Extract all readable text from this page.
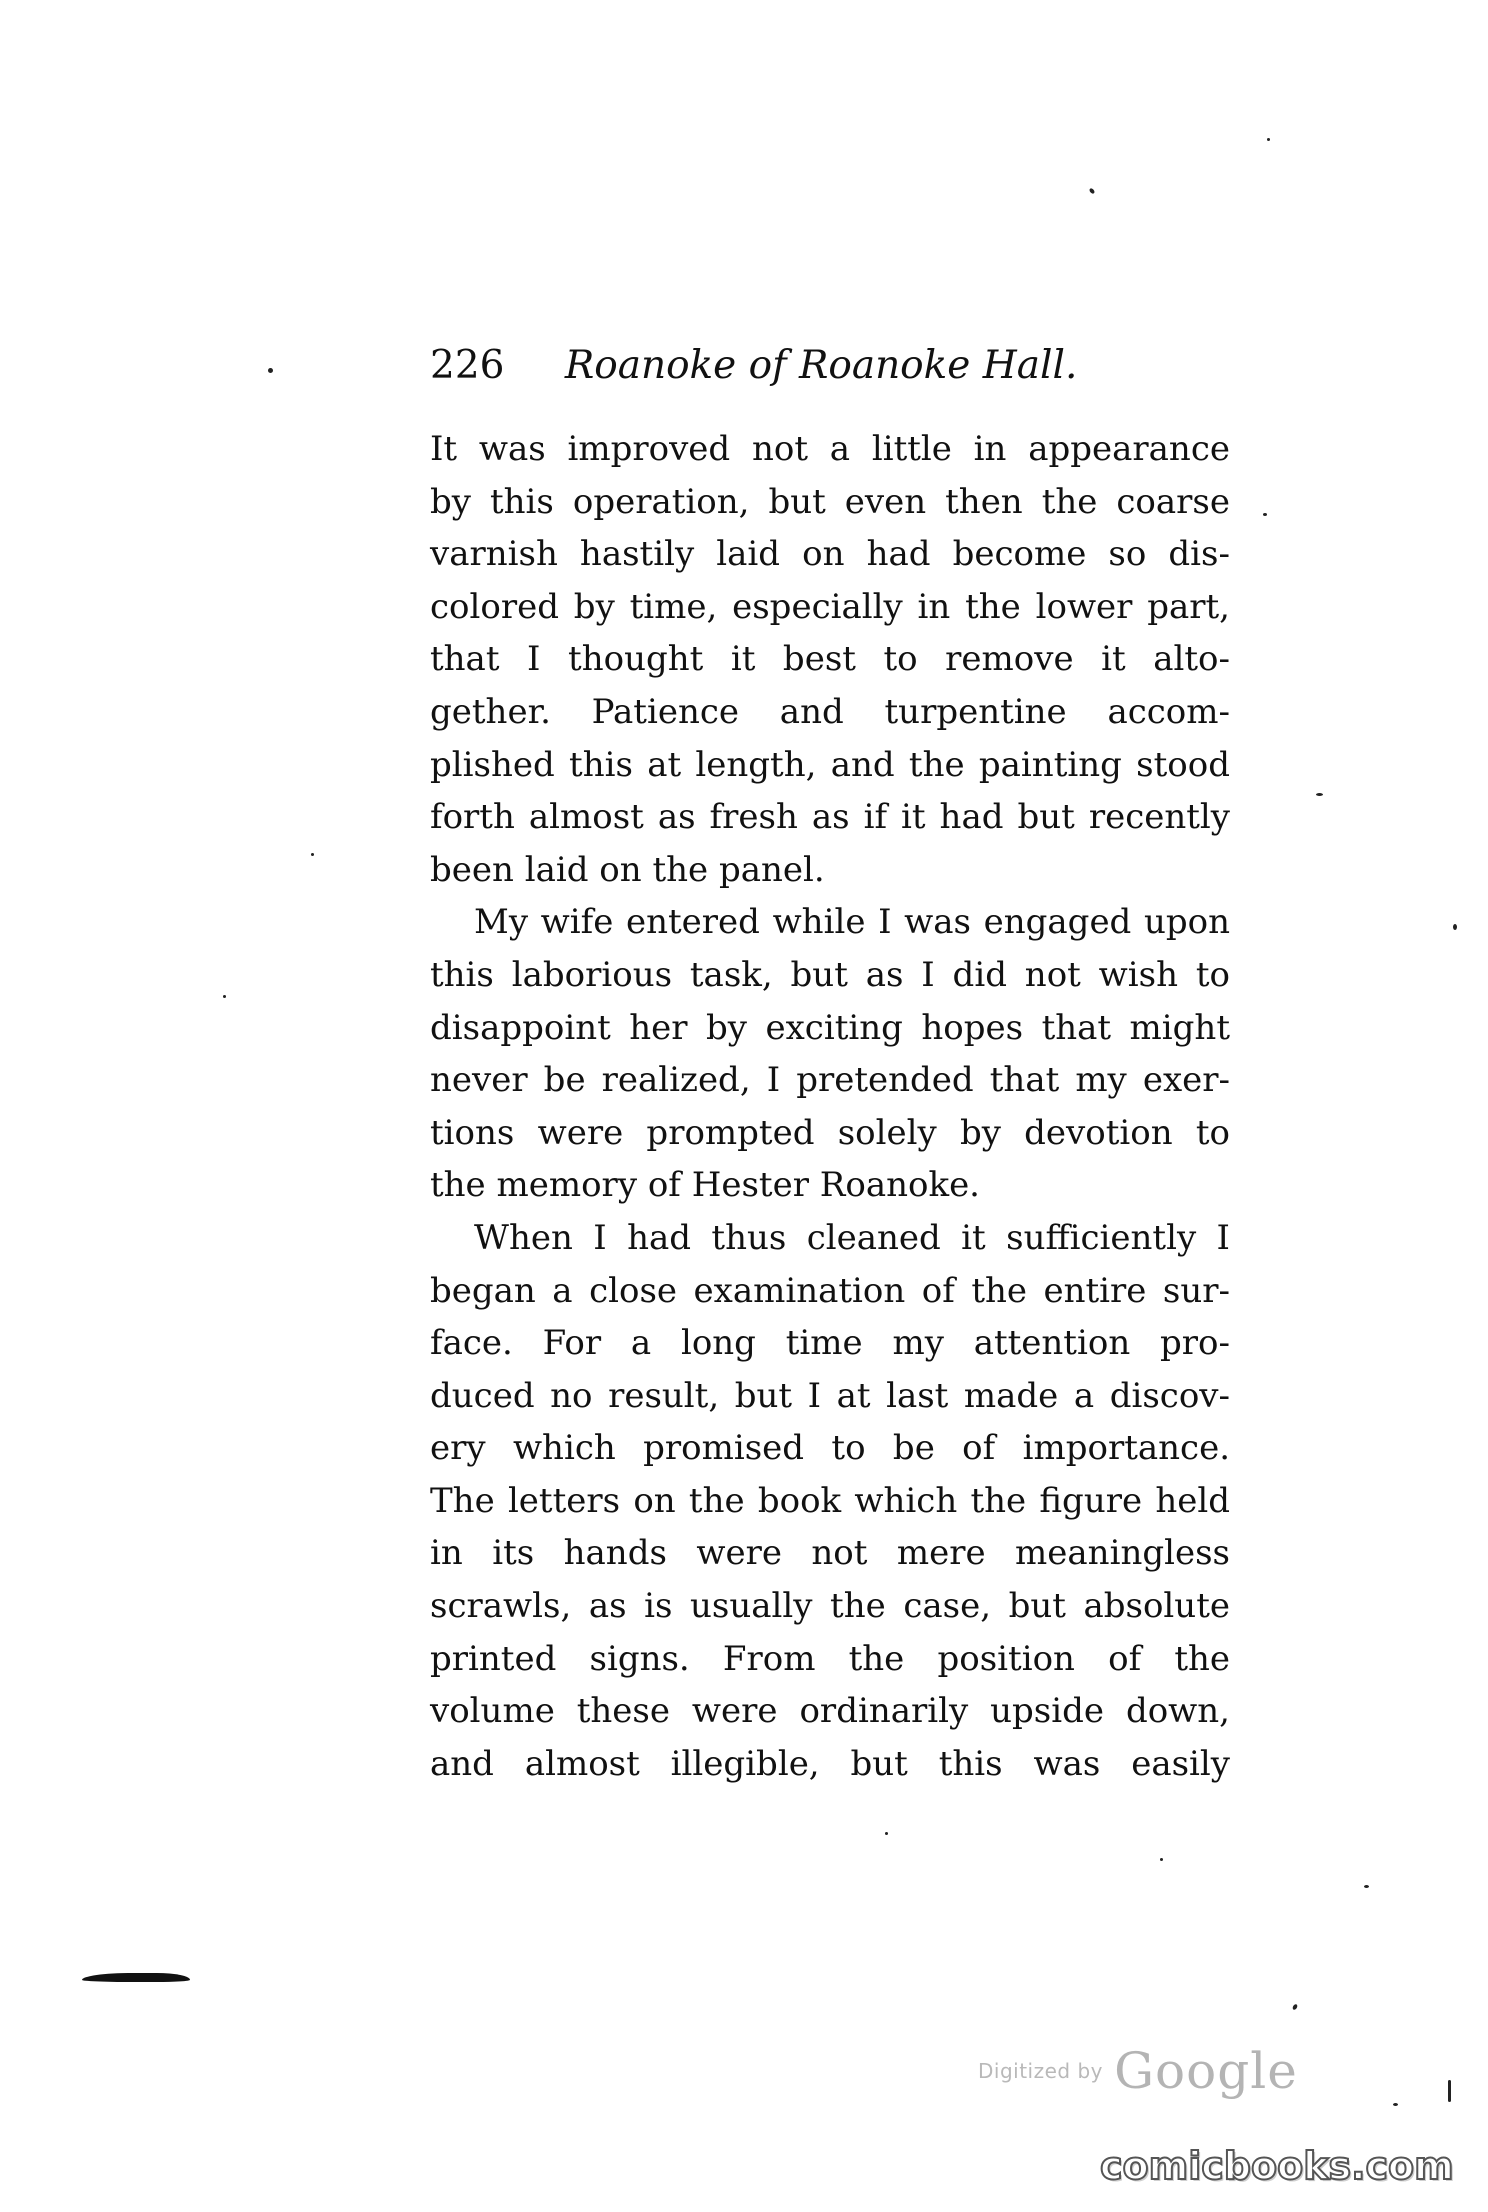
226 Roanoke of Roanoke Hall.
It was improved not a little in appearance
by this operation, but even then the coarse
varnish hastily laid on had become so dis-
colored by time, especially in the lower part,
that I thought it best to remove it alto-
gether. Patience and turpentine accom-
plished this at length, and the painting stood
forth almost as fresh as if it had but recently
been laid on the panel.
My wife entered while I was engaged upon
this laborious task, but as I did not wish to
disappoint her by exciting hopes that might
never be realized, I pretended that my exer-
tions were prompted solely by devotion to
the memory of Hester Roanoke.
When I had thus cleaned it sufficiently I
began a close examination of the entire sur-
face. For a long time my attention pro-
duced no result, but I at last made a discov-
ery which promised to be of importance.
The letters on the book which the figure held
in its hands were not mere meaningless
scrawls, as is usually the case, but absolute
printed signs. From the position of the
volume these were ordinarily upside down,
and almost illegible, but this was easily
Digitized by Google
comicbooks.com
